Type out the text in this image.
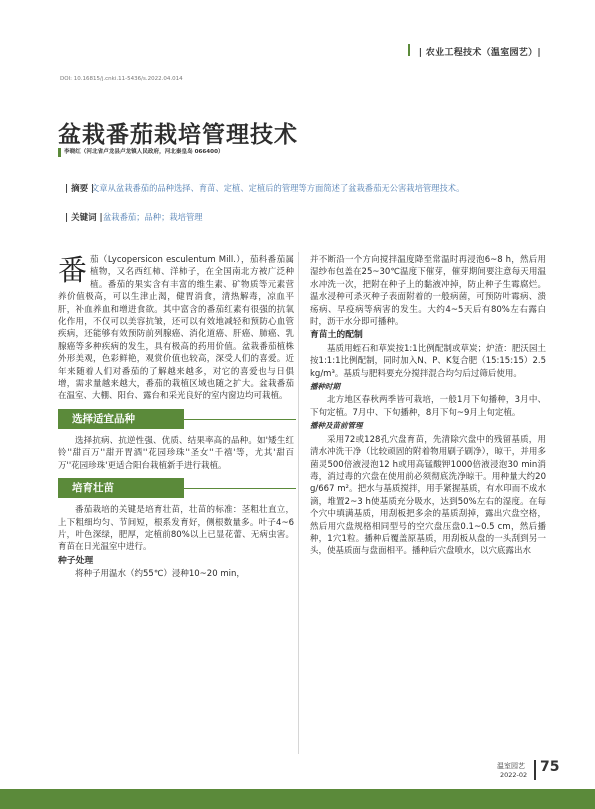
| 农业工程技术（温室园艺）|
DOI: 10.16815/j.cnki.11-5436/s.2022.04.014
盆栽番茄栽培管理技术
李晓红（河北省卢龙县卢龙镇人民政府，河北秦皇岛 066400）
| 摘要 |
文章从盆栽番茄的品种选择、育苗、定植、定植后的管理等方面简述了盆栽番茄无公害栽培管理技术。
| 关键词 | 盆栽番茄；品种；栽培管理

番茄（Lycopersicon esculentum Mill.），茄科番茄属植物，又名西红柿、洋柿子，在全国南北方被广泛种植。番茄的果实含有丰富的维生素、矿物质等元素营养价值极高，可以生津止渴，健胃消食，清热解毒，凉血平肝，补血养血和增进食欲。其中富含的番茄红素有很强的抗氧化作用，不仅可以美容抗皱，还可以有效地减轻和预防心血管疾病，还能够有效预防前列腺癌、消化道癌、肝癌、肺癌、乳腺癌等多种疾病的发生，具有极高的药用价值。盆栽番茄植株外形美观，色彩鲜艳，观赏价值也较高，深受人们的喜爱。近年来随着人们对番茄的了解越来越多，对它的喜爱也与日俱增，需求量越来越大，番茄的栽植区域也随之扩大。盆栽番茄在温室、大棚、阳台、露台和采光良好的室内窗边均可栽植。

选择适宜品种

选择抗病、抗逆性强、优质、结果率高的品种。如'矮生红铃''甜百万''甜开胃酒''花园珍珠''圣女''千禧'等，尤其'甜百万''花园珍珠'更适合阳台栽植新手进行栽植。

培育壮苗

番茄栽培的关键是培育壮苗，壮苗的标准：茎粗壮直立，上下粗细均匀、节间短，根系发育好，侧根数量多。叶子4~6片，叶色深绿，肥厚，定植前80%以上已显花蕾、无病虫害。育苗在日光温室中进行。

种子处理

将种子用温水（约55℃）浸种10~20 min，

并不断沿一个方向搅拌温度降至常温时再浸泡6~8 h，然后用湿纱布包盖在25~30℃温度下催芽，催芽期间要注意每天用温水冲洗一次，把附在种子上的黏液冲掉，防止种子生霉腐烂。温水浸种可杀灭种子表面附着的一般病菌，可预防叶霉病、溃疡病、早疫病等病害的发生。大约4~5天后有80%左右露白时，沥干水分即可播种。

育苗土的配制

基质用蛭石和草炭按1:1比例配制或草炭；炉渣：肥沃园土按1:1:1比例配制，同时加入N、P、K复合肥（15:15:15）2.5 kg/m³。基质与肥料要充分搅拌混合均匀后过筛后使用。

播种时期

北方地区春秋两季皆可栽培，一般1月下旬播种，3月中、下旬定植。7月中、下旬播种，8月下旬~9月上旬定植。

播种及苗前管理

采用72或128孔穴盘育苗，先清除穴盘中的残留基质，用清水冲洗干净（比较顽固的附着物用刷子刷净），晾干，并用多菌灵500倍液浸泡12 h或用高锰酸钾1000倍液浸泡30 min消毒，消过毒的穴盘在使用前必须彻底洗净晾干。用种量大约20 g/667 m²。把水与基质搅拌，用手紧握基质，有水印而不成水滴，堆置2~3 h使基质充分吸水，达到50%左右的湿度。在每个穴中填满基质，用刮板把多余的基质刮掉，露出穴盘空格，然后用穴盘规格相同型号的空穴盘压盘0.1~0.5 cm，然后播种，1穴1粒。播种后覆盖原基质，用刮板从盘的一头刮到另一头，使基质面与盘面相平。播种后穴盘喷水，以穴底露出水

温室园艺
2022-02 75
